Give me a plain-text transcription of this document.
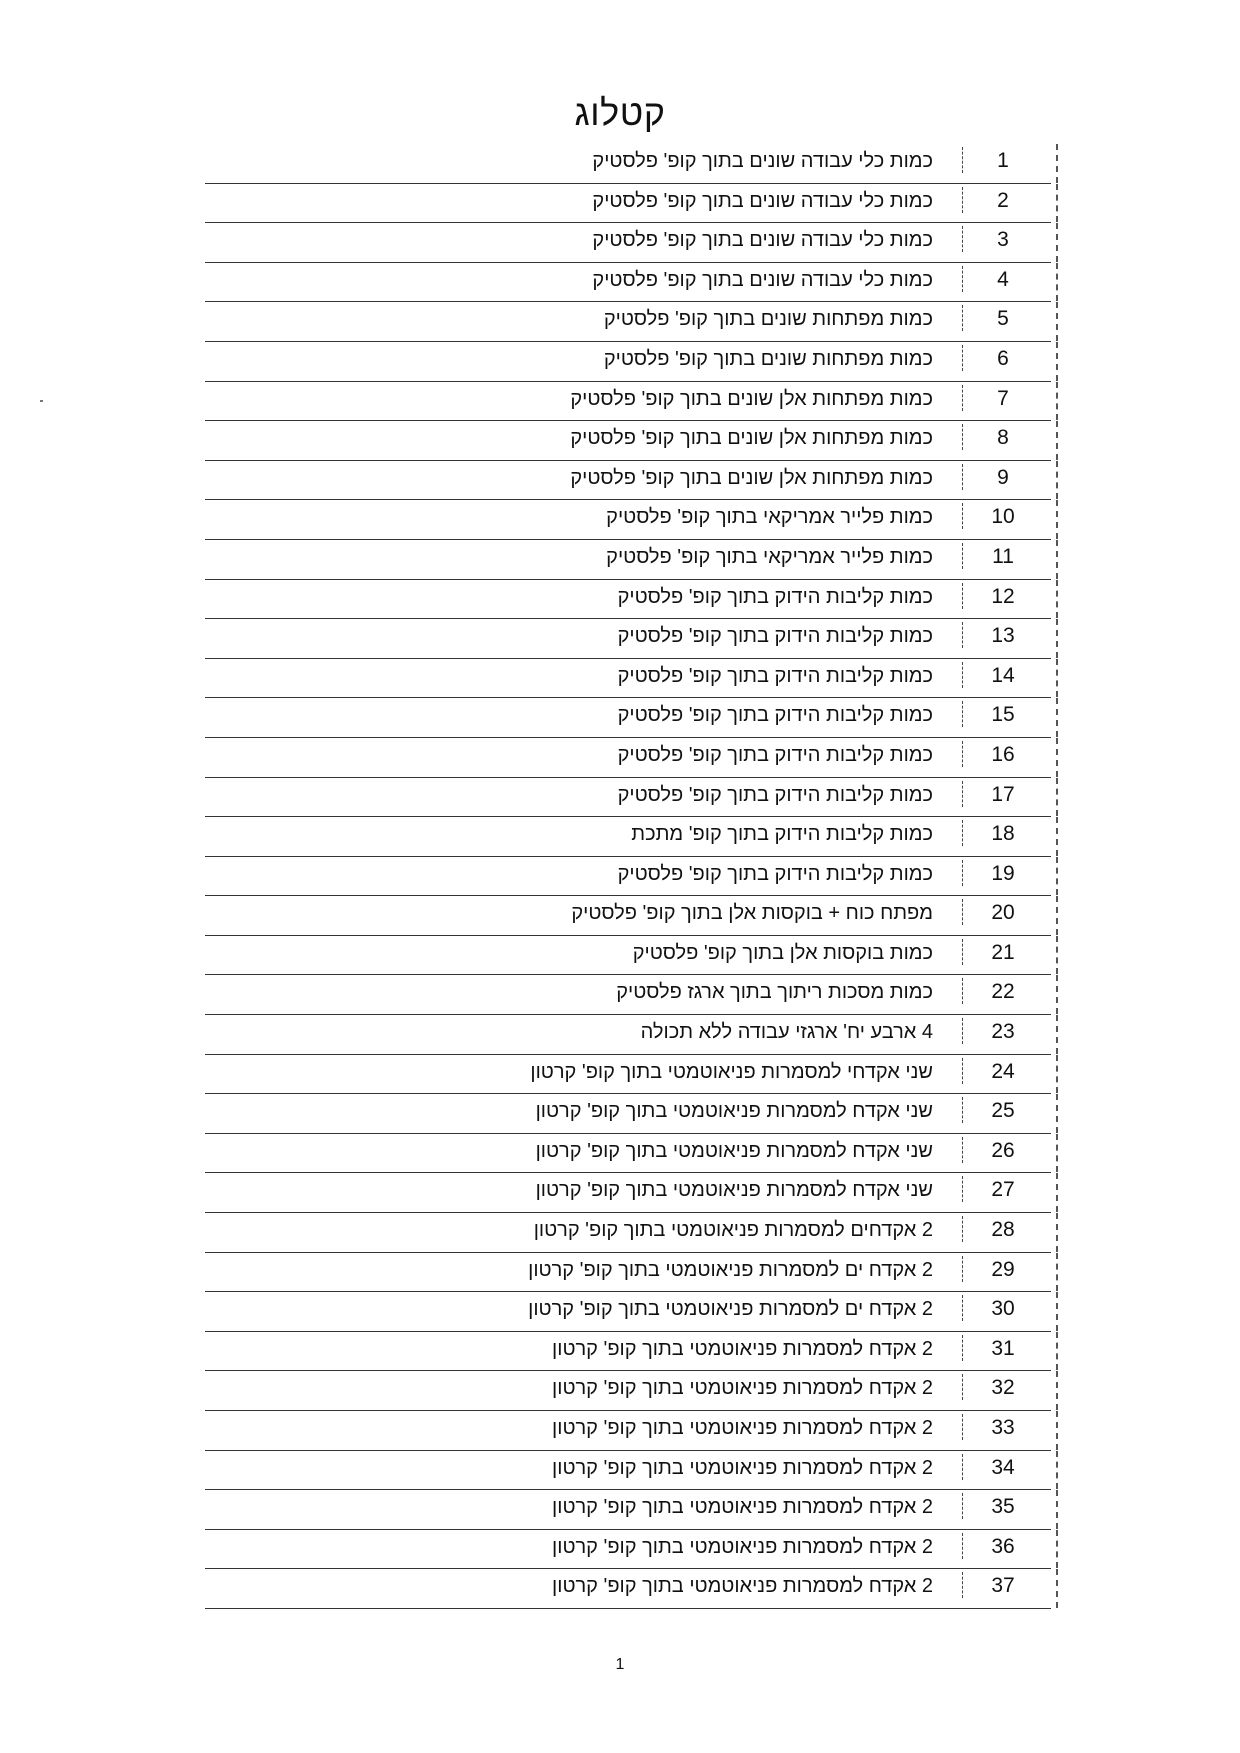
קטלוג
1
כמות כלי עבודה שונים בתוך קופ' פלסטיק
2
כמות כלי עבודה שונים בתוך קופ' פלסטיק
3
כמות כלי עבודה שונים בתוך קופ' פלסטיק
4
כמות כלי עבודה שונים בתוך קופ' פלסטיק
5
כמות מפתחות שונים בתוך קופ' פלסטיק
6
כמות מפתחות שונים בתוך קופ' פלסטיק
7
כמות מפתחות אלן שונים בתוך קופ' פלסטיק
8
כמות מפתחות אלן שונים בתוך קופ' פלסטיק
9
כמות מפתחות אלן שונים בתוך קופ' פלסטיק
10
כמות פלייר אמריקאי בתוך קופ' פלסטיק
11
כמות פלייר אמריקאי בתוך קופ' פלסטיק
12
כמות קליבות הידוק בתוך קופ' פלסטיק
13
כמות קליבות הידוק בתוך קופ' פלסטיק
14
כמות קליבות הידוק בתוך קופ' פלסטיק
15
כמות קליבות הידוק בתוך קופ' פלסטיק
16
כמות קליבות הידוק בתוך קופ' פלסטיק
17
כמות קליבות הידוק בתוך קופ' פלסטיק
18
כמות קליבות הידוק בתוך קופ' מתכת
19
כמות קליבות הידוק בתוך קופ' פלסטיק
20
מפתח כוח + בוקסות אלן בתוך קופ' פלסטיק
21
כמות בוקסות אלן בתוך קופ' פלסטיק
22
כמות מסכות ריתוך בתוך ארגז פלסטיק
23
4 ארבע יח' ארגזי עבודה ללא תכולה
24
שני אקדחי למסמרות פניאוטמטי בתוך קופ' קרטון
25
שני אקדח למסמרות פניאוטמטי בתוך קופ' קרטון
26
שני אקדח למסמרות פניאוטמטי בתוך קופ' קרטון
27
שני אקדח למסמרות פניאוטמטי בתוך קופ' קרטון
28
2 אקדחים למסמרות פניאוטמטי בתוך קופ' קרטון
29
2 אקדח ים למסמרות פניאוטמטי בתוך קופ' קרטון
30
2 אקדח ים למסמרות פניאוטמטי בתוך קופ' קרטון
31
2 אקדח למסמרות פניאוטמטי בתוך קופ' קרטון
32
2 אקדח למסמרות פניאוטמטי בתוך קופ' קרטון
33
2 אקדח למסמרות פניאוטמטי בתוך קופ' קרטון
34
2 אקדח למסמרות פניאוטמטי בתוך קופ' קרטון
35
2 אקדח למסמרות פניאוטמטי בתוך קופ' קרטון
36
2 אקדח למסמרות פניאוטמטי בתוך קופ' קרטון
37
2 אקדח למסמרות פניאוטמטי בתוך קופ' קרטון
1
